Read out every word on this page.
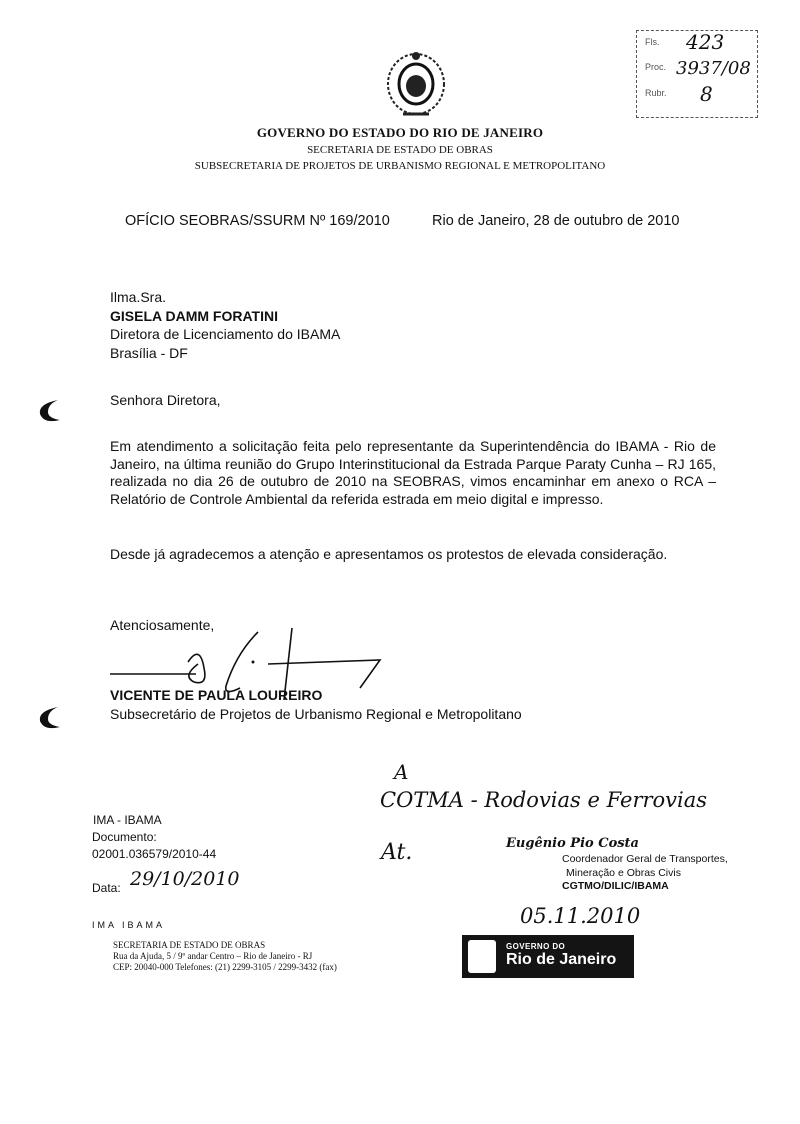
GOVERNO DO ESTADO DO RIO DE JANEIRO
SECRETARIA DE ESTADO DE OBRAS
SUBSECRETARIA DE PROJETOS DE URBANISMO REGIONAL E METROPOLITANO
Fls.
Proc.
Rubr.
423
3937/08
8
OFÍCIO SEOBRAS/SSURM Nº 169/2010	Rio de Janeiro, 28 de outubro de 2010
Ilma.Sra.
GISELA DAMM FORATINI
Diretora de Licenciamento do IBAMA
Brasília - DF
Senhora Diretora,
Em atendimento a solicitação feita pelo representante da Superintendência do IBAMA - Rio de Janeiro, na última reunião do Grupo Interinstitucional da Estrada Parque Paraty Cunha – RJ 165, realizada no dia 26 de outubro de 2010 na SEOBRAS, vimos encaminhar em anexo o RCA – Relatório de Controle Ambiental da referida estrada em meio digital e impresso.
Desde já agradecemos a atenção e apresentamos os protestos de elevada consideração.
Atenciosamente,
VICENTE DE PAULA LOUREIRO
Subsecretário de Projetos de Urbanismo Regional e Metropolitano
 IMA - IBAMA
Documento:
02001.036579/2010-44
Data: 29/10/2010
IMA IBAMA
SECRETARIA DE ESTADO DE OBRAS
Rua da Ajuda, 5 / 9º andar Centro – Rio de Janeiro - RJ
CEP: 20040-000 Telefones: (21) 2299-3105 / 2299-3432 (fax)
GOVERNO DO
Rio de Janeiro
A
COTMA - Rodovias e Ferrovias
At.	Eugênio Pio Costa
Coordenador Geral de Transportes,
Mineração e Obras Civis
CGTMO/DILIC/IBAMA
05.11.2010
